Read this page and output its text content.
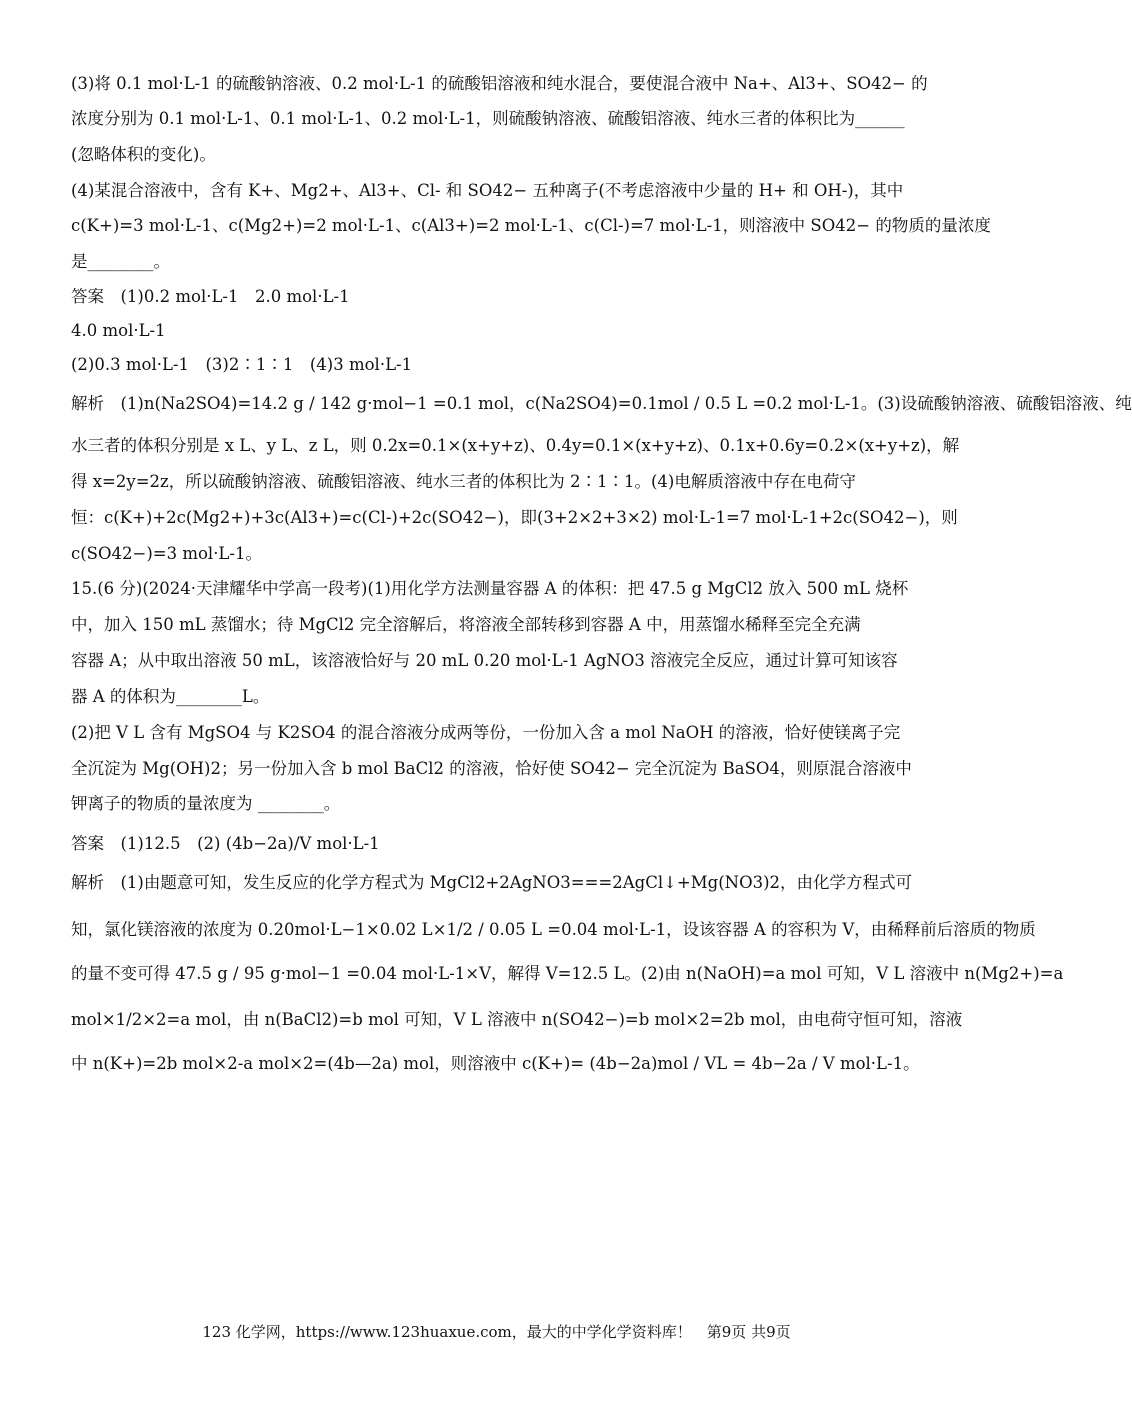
(3)将 0.1 mol·L-1 的硫酸钠溶液、0.2 mol·L-1 的硫酸铝溶液和纯水混合，要使混合液中 Na+、Al3+、SO42− 的
浓度分别为 0.1 mol·L-1、0.1 mol·L-1、0.2 mol·L-1，则硫酸钠溶液、硫酸铝溶液、纯水三者的体积比为______
(忽略体积的变化)。
(4)某混合溶液中，含有 K+、Mg2+、Al3+、Cl- 和 SO42− 五种离子(不考虑溶液中少量的 H+ 和 OH-)，其中
c(K+)=3 mol·L-1、c(Mg2+)=2 mol·L-1、c(Al3+)=2 mol·L-1、c(Cl-)=7 mol·L-1，则溶液中 SO42− 的物质的量浓度
是________。
答案　(1)0.2 mol·L-1　2.0 mol·L-1
4.0 mol·L-1
(2)0.3 mol·L-1　(3)2∶1∶1　(4)3 mol·L-1
解析　(1)n(Na2SO4)=14.2 g / 142 g·mol−1 =0.1 mol，c(Na2SO4)=0.1mol / 0.5 L =0.2 mol·L-1。(3)设硫酸钠溶液、硫酸铝溶液、纯
水三者的体积分别是 x L、y L、z L，则 0.2x=0.1×(x+y+z)、0.4y=0.1×(x+y+z)、0.1x+0.6y=0.2×(x+y+z)，解
得 x=2y=2z，所以硫酸钠溶液、硫酸铝溶液、纯水三者的体积比为 2∶1∶1。(4)电解质溶液中存在电荷守
恒：c(K+)+2c(Mg2+)+3c(Al3+)=c(Cl-)+2c(SO42−)，即(3+2×2+3×2) mol·L-1=7 mol·L-1+2c(SO42−)，则
c(SO42−)=3 mol·L-1。
15.(6 分)(2024·天津耀华中学高一段考)(1)用化学方法测量容器 A 的体积：把 47.5 g MgCl2 放入 500 mL 烧杯
中，加入 150 mL 蒸馏水；待 MgCl2 完全溶解后，将溶液全部转移到容器 A 中，用蒸馏水稀释至完全充满
容器 A；从中取出溶液 50 mL，该溶液恰好与 20 mL 0.20 mol·L-1 AgNO3 溶液完全反应，通过计算可知该容
器 A 的体积为________L。
(2)把 V L 含有 MgSO4 与 K2SO4 的混合溶液分成两等份，一份加入含 a mol NaOH 的溶液，恰好使镁离子完
全沉淀为 Mg(OH)2；另一份加入含 b mol BaCl2 的溶液，恰好使 SO42− 完全沉淀为 BaSO4，则原混合溶液中
钾离子的物质的量浓度为 ________。
答案　(1)12.5　(2) (4b−2a)/V mol·L-1
解析　(1)由题意可知，发生反应的化学方程式为 MgCl2+2AgNO3===2AgCl↓+Mg(NO3)2，由化学方程式可
知，氯化镁溶液的浓度为 0.20mol·L−1×0.02 L×1/2 / 0.05 L =0.04 mol·L-1，设该容器 A 的容积为 V，由稀释前后溶质的物质
的量不变可得 47.5 g / 95 g·mol−1 =0.04 mol·L-1×V，解得 V=12.5 L。(2)由 n(NaOH)=a mol 可知，V L 溶液中 n(Mg2+)=a
mol×1/2×2=a mol，由 n(BaCl2)=b mol 可知，V L 溶液中 n(SO42−)=b mol×2=2b mol，由电荷守恒可知，溶液
中 n(K+)=2b mol×2-a mol×2=(4b—2a) mol，则溶液中 c(K+)= (4b−2a)mol / VL = 4b−2a / V mol·L-1。
123 化学网，https://www.123huaxue.com，最大的中学化学资料库！　第9页 共9页
